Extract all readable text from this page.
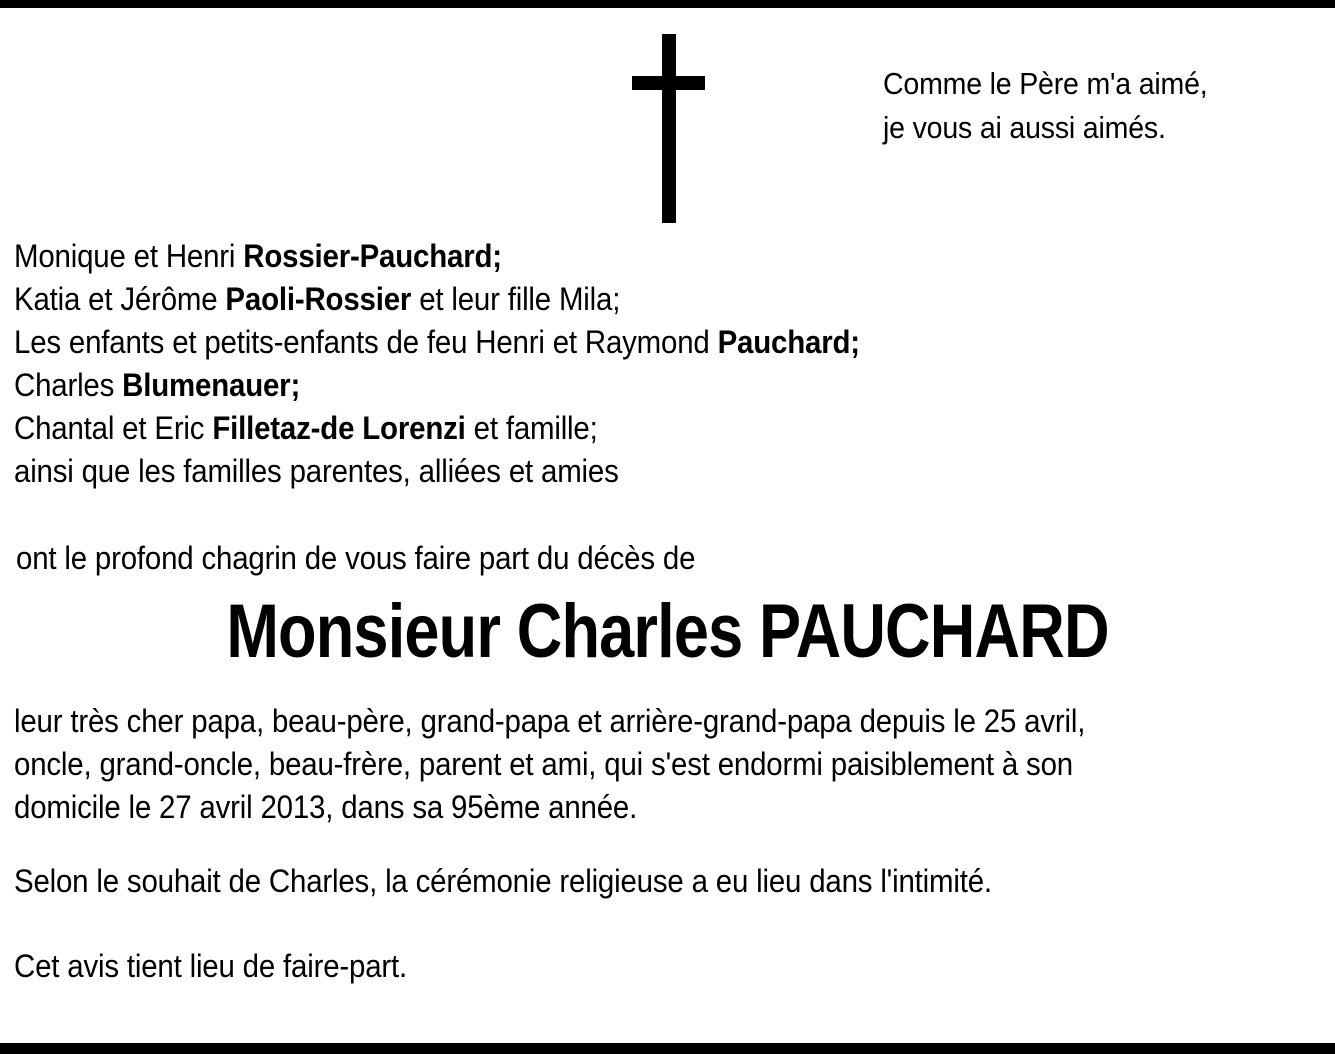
Comme le Père m'a aimé,
je vous ai aussi aimés.
Monique et Henri Rossier-Pauchard;
Katia et Jérôme Paoli-Rossier et leur fille Mila;
Les enfants et petits-enfants de feu Henri et Raymond Pauchard;
Charles Blumenauer;
Chantal et Eric Filletaz-de Lorenzi et famille;
ainsi que les familles parentes, alliées et amies
ont le profond chagrin de vous faire part du décès de
Monsieur Charles PAUCHARD
leur très cher papa, beau-père, grand-papa et arrière-grand-papa depuis le 25 avril,
oncle, grand-oncle, beau-frère, parent et ami, qui s'est endormi paisiblement à son
domicile le 27 avril 2013, dans sa 95ème année.
Selon le souhait de Charles, la cérémonie religieuse a eu lieu dans l'intimité.
Cet avis tient lieu de faire-part.
